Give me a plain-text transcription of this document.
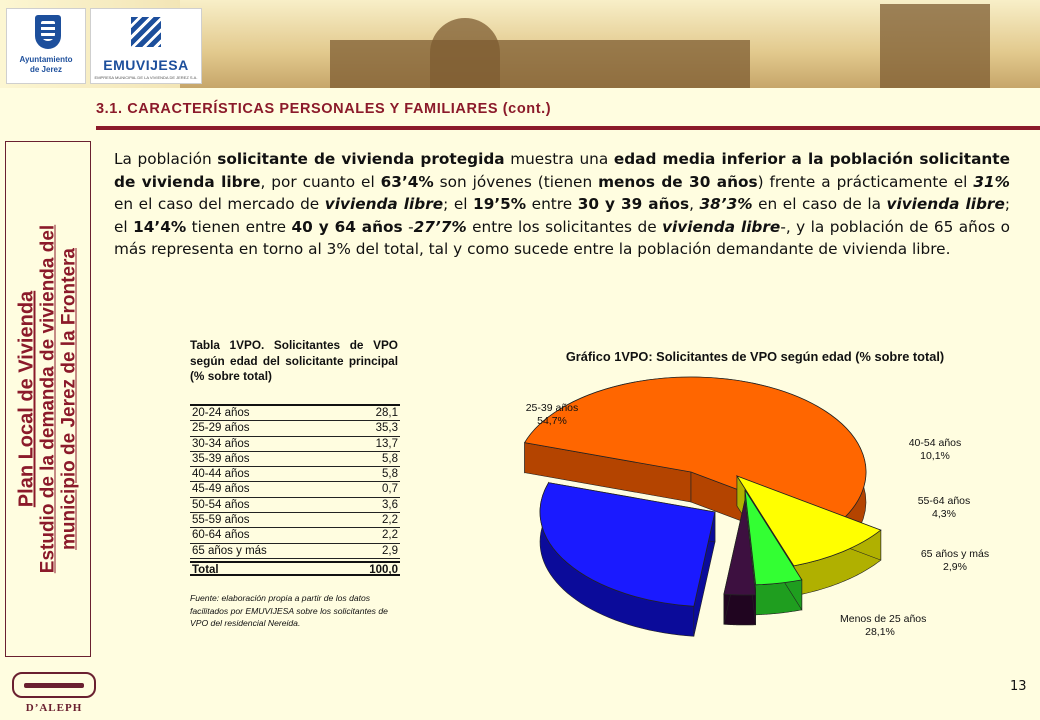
Ayuntamiento
de Jerez	EMUVIJESA
EMPRESA MUNICIPAL DE LA VIVIENDA DE JEREZ S.A.
3.1. CARACTERÍSTICAS PERSONALES Y FAMILIARES (cont.)
Plan Local de Vivienda Estudio de la demanda de vivienda del municipio de Jerez de la Frontera

La población solicitante de vivienda protegida muestra una edad media inferior a la población solicitante de vivienda libre, por cuanto el 63’4% son jóvenes (tienen menos de 30 años) frente a prácticamente el 31% en el caso del mercado de vivienda libre; el 19’5% entre 30 y 39 años, 38’3% en el caso de la vivienda libre; el 14’4% tienen entre 40 y 64 años -27’7% entre los solicitantes de vivienda libre-, y la población de 65 años o más representa en torno al 3% del total, tal y como sucede entre la población demandante de vivienda libre.

Tabla 1VPO. Solicitantes de VPO según edad del solicitante principal (% sobre total)
20-24 años	28,1
25-29 años	35,3
30-34 años	13,7
35-39 años	5,8
40-44 años	5,8
45-49 años	0,7
50-54 años	3,6
55-59 años	2,2
60-64 años	2,2
65 años y más	2,9
Total	100,0
Fuente: elaboración propia a partir de los datos facilitados por EMUVIJESA sobre los solicitantes de VPO del residencial Nereida.
Gráfico 1VPO: Solicitantes de VPO según edad (% sobre total)
25-39 años
54,7%
40-54 años
10,1%
55-64 años
4,3%
65 años y más
2,9%
Menos de 25 años
28,1%
D’ALEPH
13
